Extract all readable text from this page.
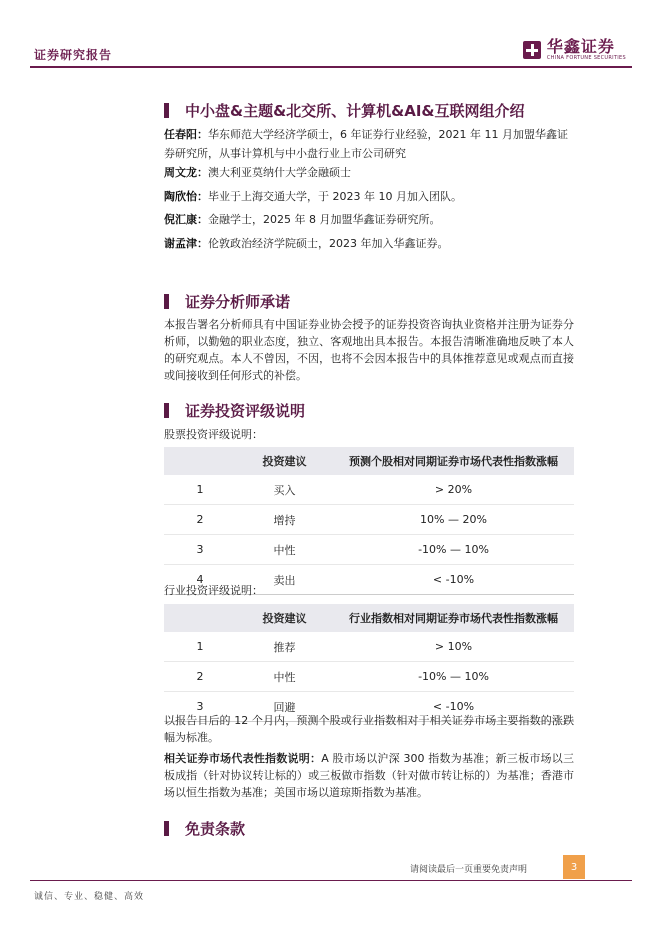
证券研究报告	华鑫证券
CHINA FORTUNE SECURITIES
中小盘&主题&北交所、计算机&AI&互联网组介绍
任春阳：华东师范大学经济学硕士，6 年证券行业经验，2021 年 11 月加盟华鑫证券研究所，从事计算机与中小盘行业上市公司研究
周文龙：澳大利亚莫纳什大学金融硕士
陶欣怡：毕业于上海交通大学，于 2023 年 10 月加入团队。
倪汇康：金融学士，2025 年 8 月加盟华鑫证券研究所。
谢孟津：伦敦政治经济学院硕士，2023 年加入华鑫证券。
证券分析师承诺
本报告署名分析师具有中国证券业协会授予的证券投资咨询执业资格并注册为证券分析师，以勤勉的职业态度，独立、客观地出具本报告。本报告清晰准确地反映了本人的研究观点。本人不曾因，不因，也将不会因本报告中的具体推荐意见或观点而直接或间接收到任何形式的补偿。
证券投资评级说明
股票投资评级说明：
	投资建议	预测个股相对同期证券市场代表性指数涨幅
1	买入	> 20%
2	增持	10% — 20%
3	中性	-10% — 10%
4	卖出	< -10%
行业投资评级说明：
	投资建议	行业指数相对同期证券市场代表性指数涨幅
1	推荐	> 10%
2	中性	-10% — 10%
3	回避	< -10%
以报告日后的 12 个月内，预测个股或行业指数相对于相关证券市场主要指数的涨跌幅为标准。
相关证券市场代表性指数说明：A 股市场以沪深 300 指数为基准；新三板市场以三板成指（针对协议转让标的）或三板做市指数（针对做市转让标的）为基准；香港市场以恒生指数为基准；美国市场以道琼斯指数为基准。
免责条款
请阅读最后一页重要免责声明	3
诚信、专业、稳健、高效
